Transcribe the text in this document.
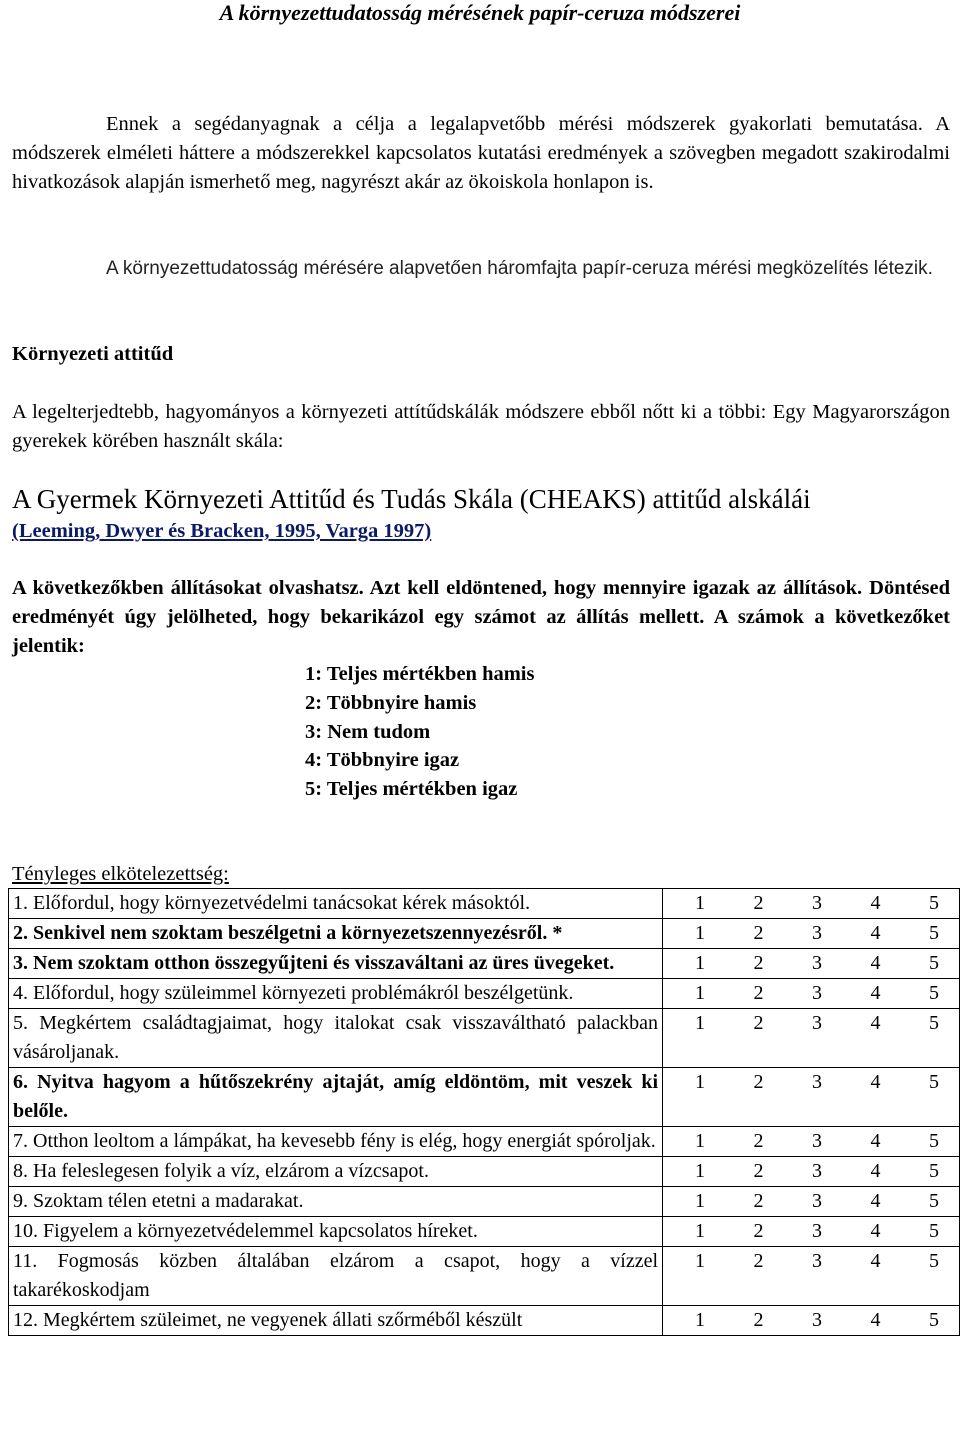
A környezettudatosság mérésének papír-ceruza módszerei

Ennek a segédanyagnak a célja a legalapvetőbb mérési módszerek gyakorlati bemutatása. A módszerek elméleti háttere a módszerekkel kapcsolatos kutatási eredmények a szövegben megadott szakirodalmi hivatkozások alapján ismerhető meg, nagyrészt akár az ökoiskola honlapon is.

A környezettudatosság mérésére alapvetően háromfajta papír-ceruza mérési megközelítés létezik.

Környezeti attitűd

A legelterjedtebb, hagyományos a környezeti attítűdskálák módszere ebből nőtt ki a többi: Egy Magyarországon gyerekek körében használt skála:

A Gyermek Környezeti Attitűd és Tudás Skála (CHEAKS) attitűd alskálái
(Leeming, Dwyer és Bracken, 1995, Varga 1997)

A következőkben állításokat olvashatsz. Azt kell eldöntened, hogy mennyire igazak az állítások. Döntésed eredményét úgy jelölheted, hogy bekarikázol egy számot az állítás mellett. A számok a következőket jelentik:

1: Teljes mértékben hamis
2: Többnyire hamis
3: Nem tudom
4: Többnyire igaz
5: Teljes mértékben igaz
Tényleges elkötelezettség:
1. Előfordul, hogy környezetvédelmi tanácsokat kérek másoktól.	1 2 3 4 5

2. Senkivel nem szoktam beszélgetni a környezetszennyezésről. *	1 2 3 4 5

3. Nem szoktam otthon összegyűjteni és visszaváltani az üres üvegeket.	1 2 3 4 5

4. Előfordul, hogy szüleimmel környezeti problémákról beszélgetünk.	1 2 3 4 5

5. Megkértem családtagjaimat, hogy italokat csak visszaváltható palackban vásároljanak.	1 2 3 4 5

6. Nyitva hagyom a hűtőszekrény ajtaját, amíg eldöntöm, mit veszek ki belőle.	1 2 3 4 5

7. Otthon leoltom a lámpákat, ha kevesebb fény is elég, hogy energiát spóroljak.	1 2 3 4 5

8. Ha feleslegesen folyik a víz, elzárom a vízcsapot.	1 2 3 4 5

9. Szoktam télen etetni a madarakat.	1 2 3 4 5

10. Figyelem a környezetvédelemmel kapcsolatos híreket.	1 2 3 4 5

11. Fogmosás közben általában elzárom a csapot, hogy a vízzel takarékoskodjam	1 2 3 4 5

12. Megkértem szüleimet, ne vegyenek állati szőrméből készült	1 2 3 4 5
